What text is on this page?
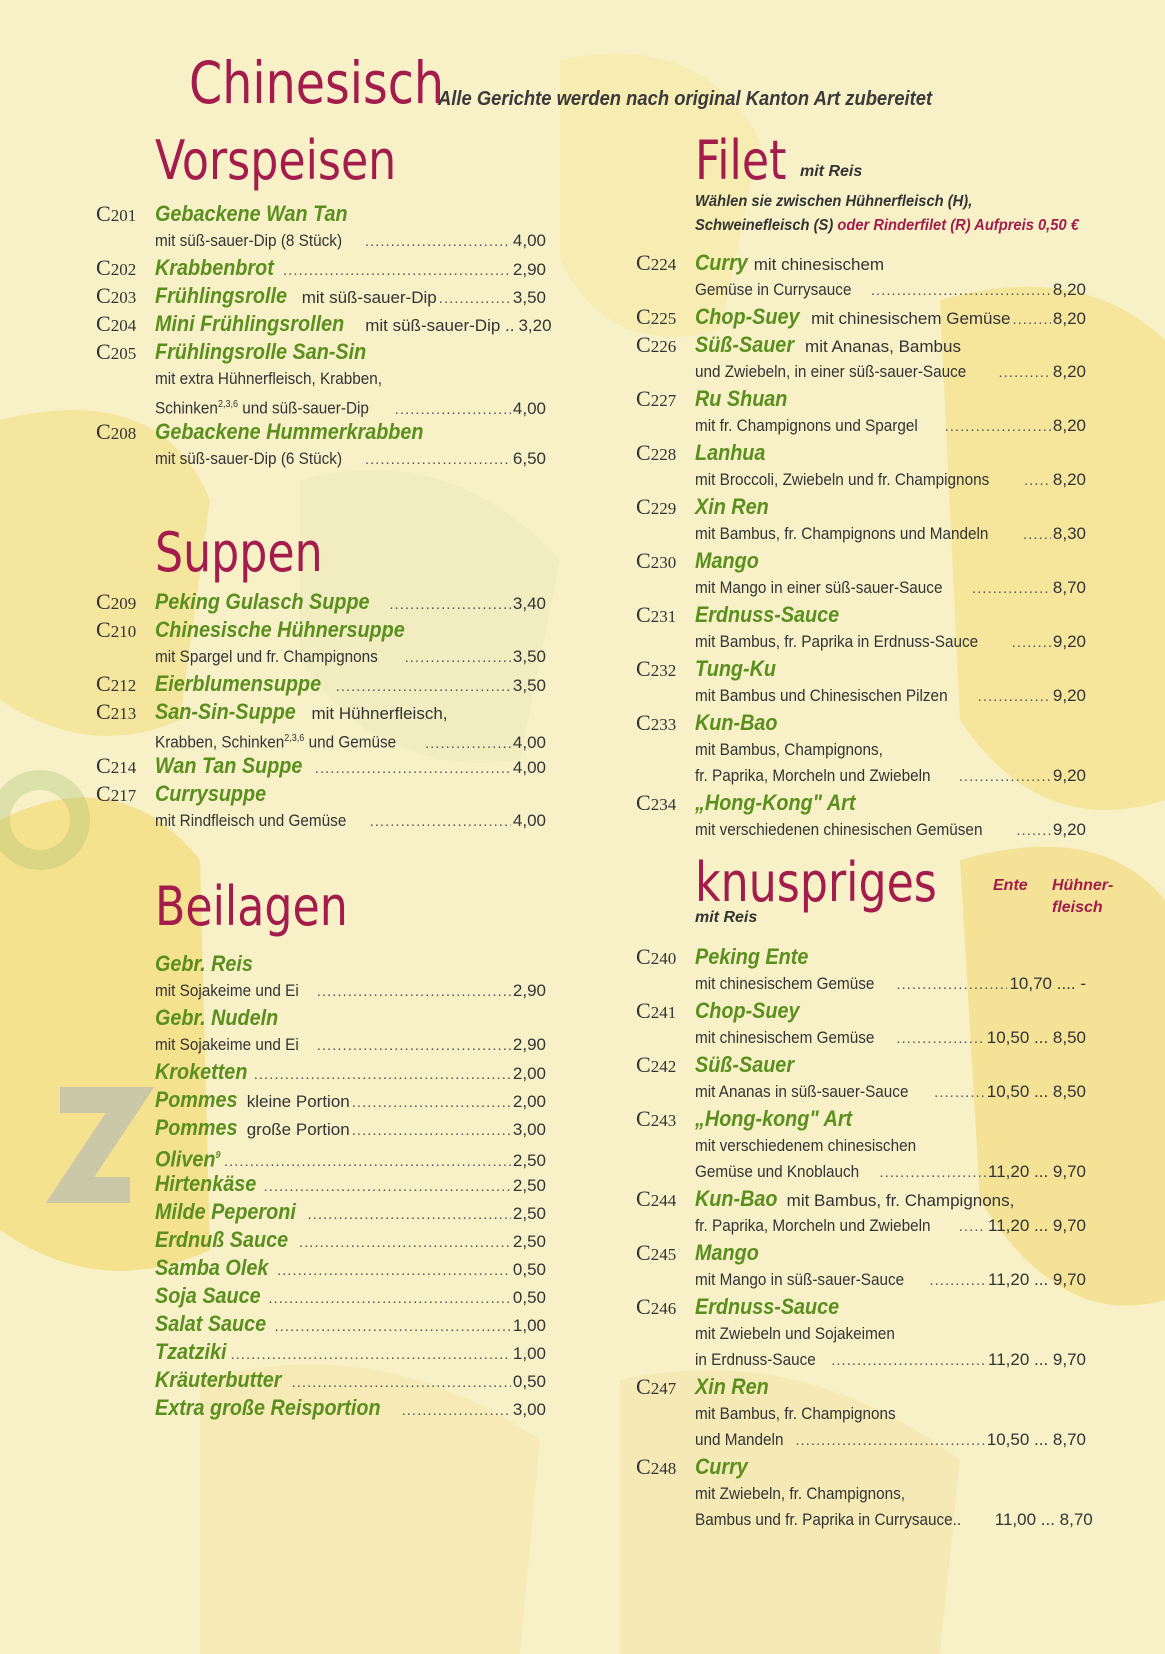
Chinesisch
Alle Gerichte werden nach original Kanton Art zubereitet
Vorspeisen
C201 Gebackene Wan Tan
mit süß-sauer-Dip (8 Stück) .....	4,00
C202 Krabbenbrot .....	2,90
C203 Frühlingsrolle mit süß-sauer-Dip .....	3,50
C204 Mini Frühlingsrollen mit süß-sauer-Dip .. 3,20
C205 Frühlingsrolle San-Sin
mit extra Hühnerfleisch, Krabben,
Schinken$^{2,3,6}$ und süß-sauer-Dip .....	4,00
C208 Gebackene Hummerkrabben
mit süß-sauer-Dip (6 Stück) .....	6,50
Suppen
C209 Peking Gulasch Suppe .....	3,40
C210 Chinesische Hühnersuppe
mit Spargel und fr. Champignons .....	3,50
C212 Eierblumensuppe .....	3,50
C213 San-Sin-Suppe mit Hühnerfleisch,
Krabben, Schinken$^{2,3,6}$ und Gemüse .....	4,00
C214 Wan Tan Suppe .....	4,00
C217 Currysuppe
mit Rindfleisch und Gemüse .....	4,00
Beilagen
Gebr. Reis
mit Sojakeime und Ei .....	2,90
Gebr. Nudeln
mit Sojakeime und Ei .....	2,90
Kroketten .....	2,00
Pommes kleine Portion .....	2,00
Pommes große Portion .....	3,00
Oliven$^9$ .....	2,50
Hirtenkäse .....	2,50
Milde Peperoni .....	2,50
Erdnuß Sauce .....	2,50
Samba Olek .....	0,50
Soja Sauce .....	0,50
Salat Sauce .....	1,00
Tzatziki .....	1,00
Kräuterbutter .....	0,50
Extra große Reisportion .....	3,00
Filet mit Reis
Wählen sie zwischen Hühnerfleisch (H),
Schweinefleisch (S) oder Rinderfilet (R) Aufpreis 0,50 €
C224 Curry mit chinesischem
Gemüse in Currysauce .....	8,20
C225 Chop-Suey mit chinesischem Gemüse ..... 8,20
C226 Süß-Sauer mit Ananas, Bambus
und Zwiebeln, in einer süß-sauer-Sauce .....	8,20
C227 Ru Shuan
mit fr. Champignons und Spargel .....	8,20
C228 Lanhua
mit Broccoli, Zwiebeln und fr. Champignons .....	8,20
C229 Xin Ren
mit Bambus, fr. Champignons und Mandeln .....	8,30
C230 Mango
mit Mango in einer süß-sauer-Sauce .....	8,70
C231 Erdnuss-Sauce
mit Bambus, fr. Paprika in Erdnuss-Sauce .....	9,20
C232 Tung-Ku
mit Bambus und Chinesischen Pilzen .....	9,20
C233 Kun-Bao
mit Bambus, Champignons,
fr. Paprika, Morcheln und Zwiebeln .....	9,20
C234 „Hong-Kong" Art
mit verschiedenen chinesischen Gemüsen .....	9,20
knuspriges
mit Reis
Ente Hühner-
fleisch
C240 Peking Ente
mit chinesischem Gemüse .....	10,70 .... -
C241 Chop-Suey
mit chinesischem Gemüse .....	10,50 ... 8,50
C242 Süß-Sauer
mit Ananas in süß-sauer-Sauce .....	10,50 ... 8,50
C243 „Hong-kong" Art
mit verschiedenem chinesischen
Gemüse und Knoblauch .....	11,20 ... 9,70
C244 Kun-Bao mit Bambus, fr. Champignons,
fr. Paprika, Morcheln und Zwiebeln .....	11,20 ... 9,70
C245 Mango
mit Mango in süß-sauer-Sauce .....	11,20 ... 9,70
C246 Erdnuss-Sauce
mit Zwiebeln und Sojakeimen
in Erdnuss-Sauce .....	11,20 ... 9,70
C247 Xin Ren
mit Bambus, fr. Champignons
und Mandeln .....	10,50 ... 8,70
C248 Curry
mit Zwiebeln, fr. Champignons,
Bambus und fr. Paprika in Currysauce.. 11,00 ... 8,70
